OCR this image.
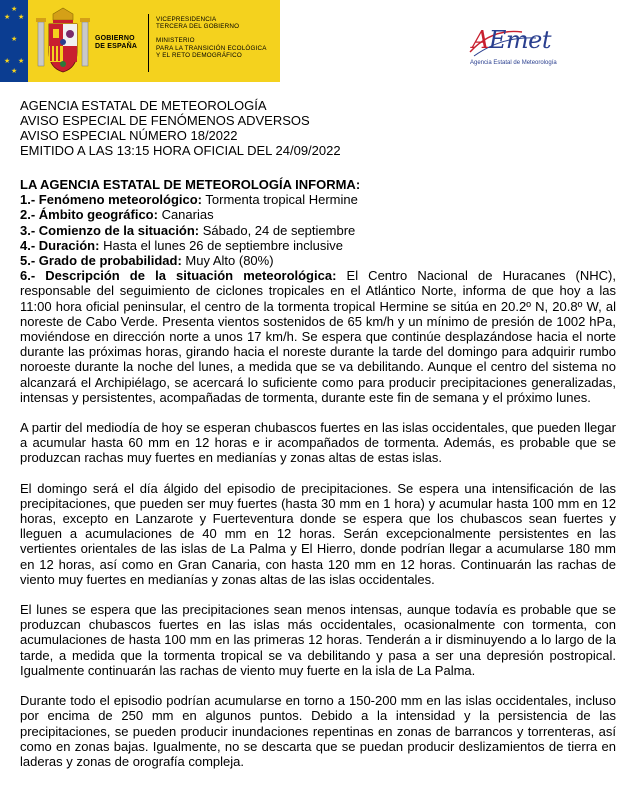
★
★ ★
★
★ ★
★
GOBIERNO
DE ESPAÑA
VICEPRESIDENCIA
TERCERA DEL GOBIERNO
MINISTERIO
PARA LA TRANSICIÓN ECOLÓGICA
Y EL RETO DEMOGRÁFICO
AEmet
Agencia Estatal de Meteorología
AGENCIA ESTATAL DE METEOROLOGÍA
AVISO ESPECIAL DE FENÓMENOS ADVERSOS
AVISO ESPECIAL NÚMERO 18/2022
EMITIDO A LAS 13:15 HORA OFICIAL DEL 24/09/2022

LA AGENCIA ESTATAL DE METEOROLOGÍA INFORMA:

1.- Fenómeno meteorológico: Tormenta tropical Hermine

2.- Ámbito geográfico: Canarias

3.- Comienzo de la situación: Sábado, 24 de septiembre

4.- Duración: Hasta el lunes 26 de septiembre inclusive

5.- Grado de probabilidad: Muy Alto (80%)

6.- Descripción de la situación meteorológica: El Centro Nacional de Huracanes (NHC), responsable del seguimiento de ciclones tropicales en el Atlántico Norte, informa de que hoy a las 11:00 hora oficial peninsular, el centro de la tormenta tropical Hermine se sitúa en 20.2º N, 20.8º W, al noreste de Cabo Verde. Presenta vientos sostenidos de 65 km/h y un mínimo de presión de 1002 hPa, moviéndose en dirección norte a unos 17 km/h. Se espera que continúe desplazándose hacia el norte durante las próximas horas, girando hacia el noreste durante la tarde del domingo para adquirir rumbo noroeste durante la noche del lunes, a medida que se va debilitando. Aunque el centro del sistema no alcanzará el Archipiélago, se acercará lo suficiente como para producir precipitaciones generalizadas, intensas y persistentes, acompañadas de tormenta, durante este fin de semana y el próximo lunes.

A partir del mediodía de hoy se esperan chubascos fuertes en las islas occidentales, que pueden llegar a acumular hasta 60 mm en 12 horas e ir acompañados de tormenta. Además, es probable que se produzcan rachas muy fuertes en medianías y zonas altas de estas islas.

El domingo será el día álgido del episodio de precipitaciones. Se espera una intensificación de las precipitaciones, que pueden ser muy fuertes (hasta 30 mm en 1 hora) y acumular hasta 100 mm en 12 horas, excepto en Lanzarote y Fuerteventura donde se espera que los chubascos sean fuertes y lleguen a acumulaciones de 40 mm en 12 horas. Serán excepcionalmente persistentes en las vertientes orientales de las islas de La Palma y El Hierro, donde podrían llegar a acumularse 180 mm en 12 horas, así como en Gran Canaria, con hasta 120 mm en 12 horas. Continuarán las rachas de viento muy fuertes en medianías y zonas altas de las islas occidentales.

El lunes se espera que las precipitaciones sean menos intensas, aunque todavía es probable que se produzcan chubascos fuertes en las islas más occidentales, ocasionalmente con tormenta, con acumulaciones de hasta 100 mm en las primeras 12 horas. Tenderán a ir disminuyendo a lo largo de la tarde, a medida que la tormenta tropical se va debilitando y pasa a ser una depresión postropical. Igualmente continuarán las rachas de viento muy fuerte en la isla de La Palma.

Durante todo el episodio podrían acumularse en torno a 150-200 mm en las islas occidentales, incluso por encima de 250 mm en algunos puntos. Debido a la intensidad y la persistencia de las precipitaciones, se pueden producir inundaciones repentinas en zonas de barrancos y torrenteras, así como en zonas bajas. Igualmente, no se descarta que se puedan producir deslizamientos de tierra en laderas y zonas de orografía compleja.
